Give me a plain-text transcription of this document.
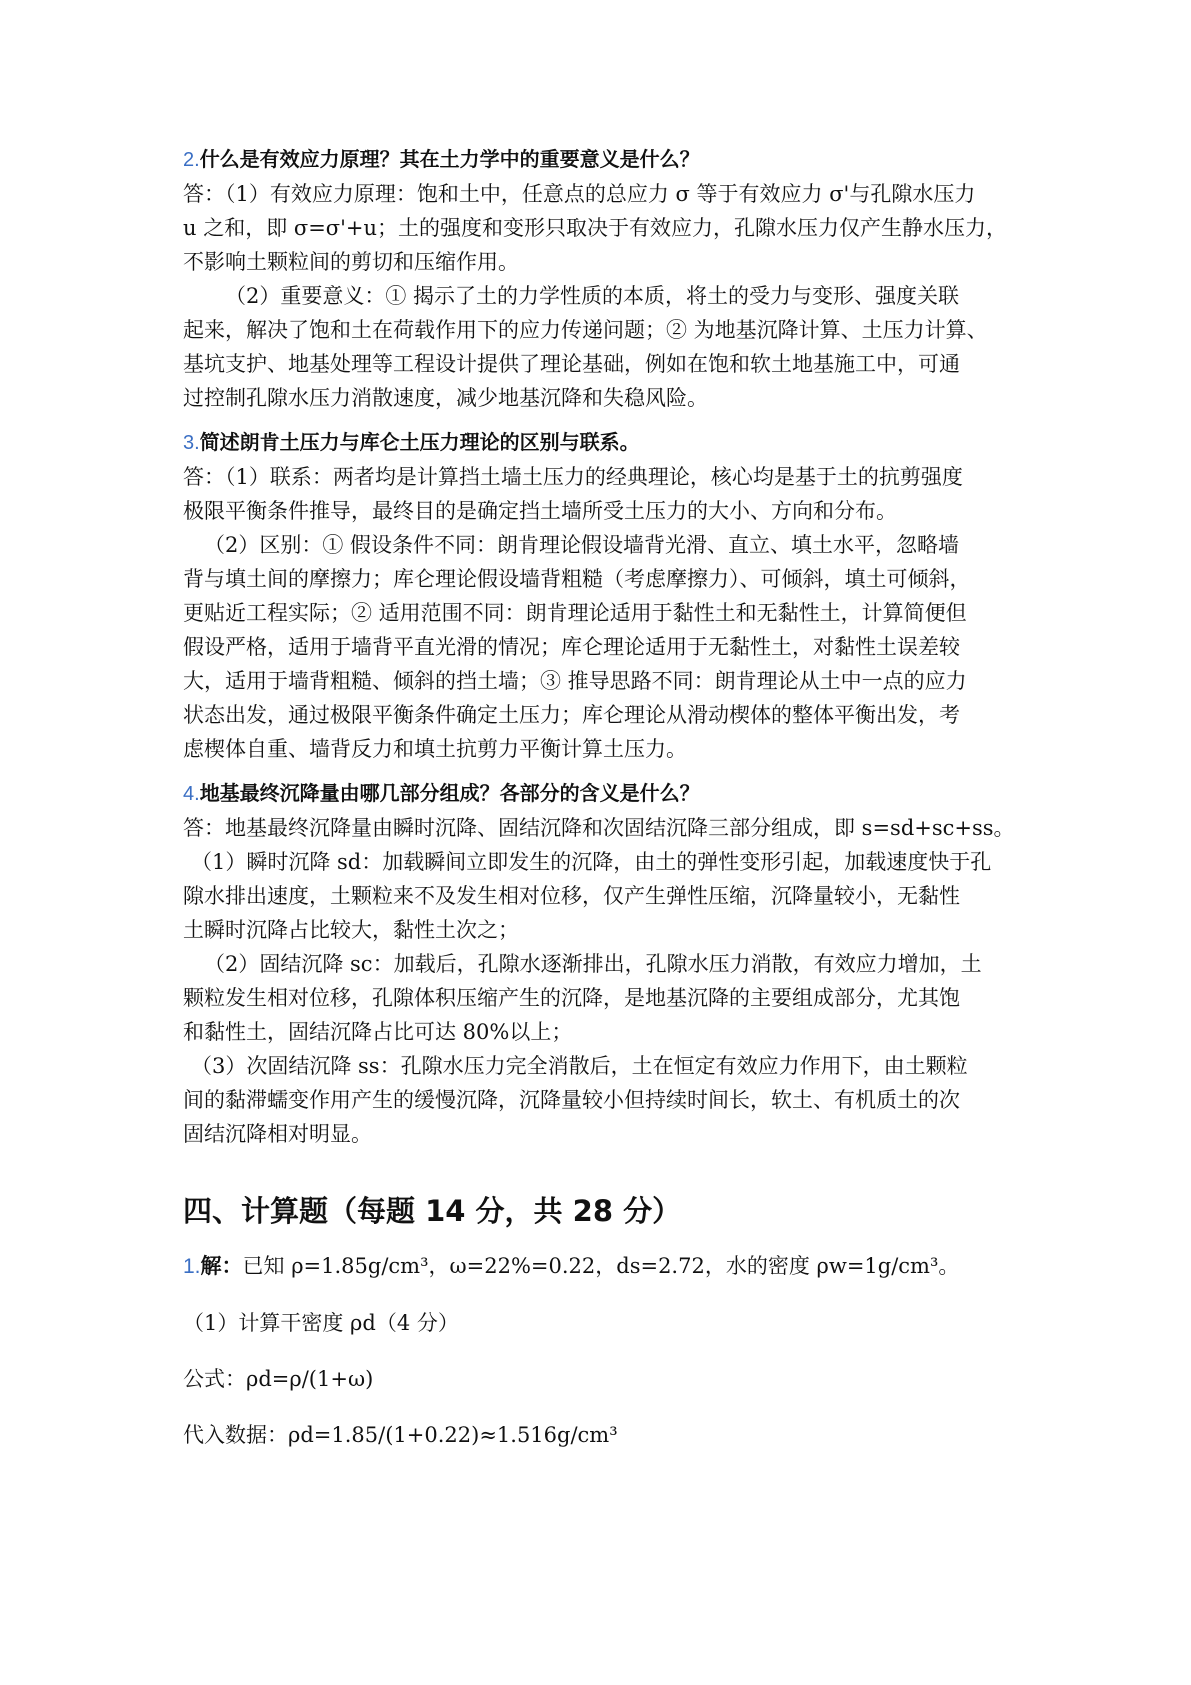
2.什么是有效应力原理？其在土力学中的重要意义是什么？
答：（1）有效应力原理：饱和土中，任意点的总应力 σ 等于有效应力 σ'与孔隙水压力
u 之和，即 σ=σ'+u；土的强度和变形只取决于有效应力，孔隙水压力仅产生静水压力，
不影响土颗粒间的剪切和压缩作用。
（2）重要意义：① 揭示了土的力学性质的本质，将土的受力与变形、强度关联
起来，解决了饱和土在荷载作用下的应力传递问题；② 为地基沉降计算、土压力计算、
基坑支护、地基处理等工程设计提供了理论基础，例如在饱和软土地基施工中，可通
过控制孔隙水压力消散速度，减少地基沉降和失稳风险。
3.简述朗肯土压力与库仑土压力理论的区别与联系。
答：（1）联系：两者均是计算挡土墙土压力的经典理论，核心均是基于土的抗剪强度
极限平衡条件推导，最终目的是确定挡土墙所受土压力的大小、方向和分布。
（2）区别：① 假设条件不同：朗肯理论假设墙背光滑、直立、填土水平，忽略墙
背与填土间的摩擦力；库仑理论假设墙背粗糙（考虑摩擦力）、可倾斜，填土可倾斜，
更贴近工程实际；② 适用范围不同：朗肯理论适用于黏性土和无黏性土，计算简便但
假设严格，适用于墙背平直光滑的情况；库仑理论适用于无黏性土，对黏性土误差较
大，适用于墙背粗糙、倾斜的挡土墙；③ 推导思路不同：朗肯理论从土中一点的应力
状态出发，通过极限平衡条件确定土压力；库仑理论从滑动楔体的整体平衡出发，考
虑楔体自重、墙背反力和填土抗剪力平衡计算土压力。
4.地基最终沉降量由哪几部分组成？各部分的含义是什么？
答：地基最终沉降量由瞬时沉降、固结沉降和次固结沉降三部分组成，即 s=sd+sc+ss。
（1）瞬时沉降 sd：加载瞬间立即发生的沉降，由土的弹性变形引起，加载速度快于孔
隙水排出速度，土颗粒来不及发生相对位移，仅产生弹性压缩，沉降量较小，无黏性
土瞬时沉降占比较大，黏性土次之；
（2）固结沉降 sc：加载后，孔隙水逐渐排出，孔隙水压力消散，有效应力增加，土
颗粒发生相对位移，孔隙体积压缩产生的沉降，是地基沉降的主要组成部分，尤其饱
和黏性土，固结沉降占比可达 80%以上；
（3）次固结沉降 ss：孔隙水压力完全消散后，土在恒定有效应力作用下，由土颗粒
间的黏滞蠕变作用产生的缓慢沉降，沉降量较小但持续时间长，软土、有机质土的次
固结沉降相对明显。
四、计算题（每题 14 分，共 28 分）
1.解：已知 ρ=1.85g/cm³，ω=22%=0.22，ds=2.72，水的密度 ρw=1g/cm³。
（1）计算干密度 ρd（4 分）
公式：ρd=ρ/(1+ω)
代入数据：ρd=1.85/(1+0.22)≈1.516g/cm³
